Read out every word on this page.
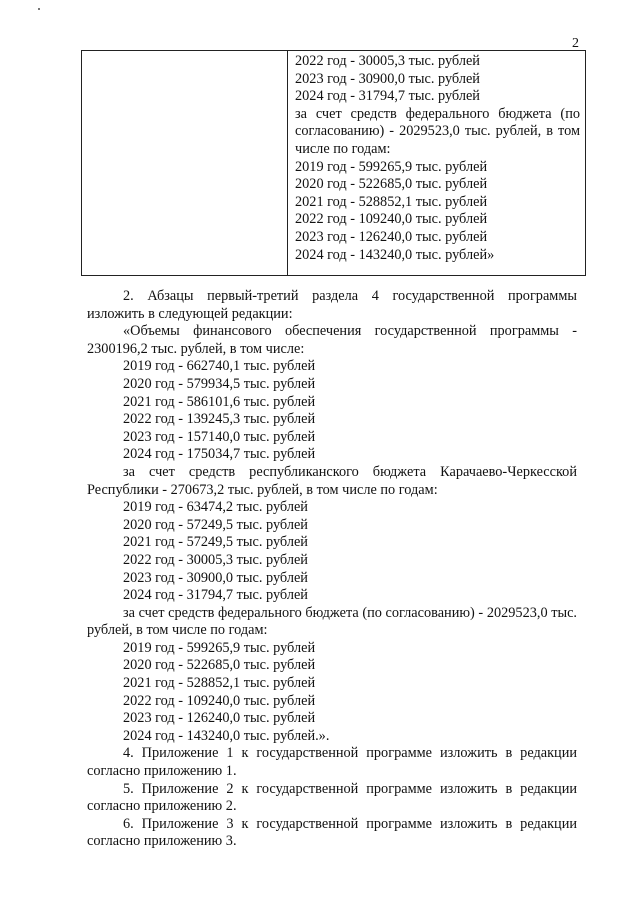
2
2022 год - 30005,3 тыс. рублей
2023 год - 30900,0 тыс. рублей
2024 год - 31794,7 тыс. рублей
за счет средств федерального бюджета (по согласованию) - 2029523,0 тыс. рублей, в том числе по годам:
2019 год - 599265,9 тыс. рублей
2020 год - 522685,0 тыс. рублей
2021 год - 528852,1 тыс. рублей
2022 год - 109240,0 тыс. рублей
2023 год - 126240,0 тыс. рублей
2024 год - 143240,0 тыс. рублей»

2. Абзацы первый-третий раздела 4 государственной программы изложить в следующей редакции:

«Объемы финансового обеспечения государственной программы - 2300196,2 тыс. рублей, в том числе:

2019 год - 662740,1 тыс. рублей

2020 год - 579934,5 тыс. рублей

2021 год - 586101,6 тыс. рублей

2022 год - 139245,3 тыс. рублей

2023 год - 157140,0 тыс. рублей

2024 год - 175034,7 тыс. рублей

за счет средств республиканского бюджета Карачаево-Черкесской Республики - 270673,2 тыс. рублей, в том числе по годам:

2019 год - 63474,2 тыс. рублей

2020 год - 57249,5 тыс. рублей

2021 год - 57249,5 тыс. рублей

2022 год - 30005,3 тыс. рублей

2023 год - 30900,0 тыс. рублей

2024 год - 31794,7 тыс. рублей

за счет средств федерального бюджета (по согласованию) - 2029523,0 тыс. рублей, в том числе по годам:

2019 год - 599265,9 тыс. рублей

2020 год - 522685,0 тыс. рублей

2021 год - 528852,1 тыс. рублей

2022 год - 109240,0 тыс. рублей

2023 год - 126240,0 тыс. рублей

2024 год - 143240,0 тыс. рублей.».

4. Приложение 1 к государственной программе изложить в редакции согласно приложению 1.

5. Приложение 2 к государственной программе изложить в редакции согласно приложению 2.

6. Приложение 3 к государственной программе изложить в редакции согласно приложению 3.
